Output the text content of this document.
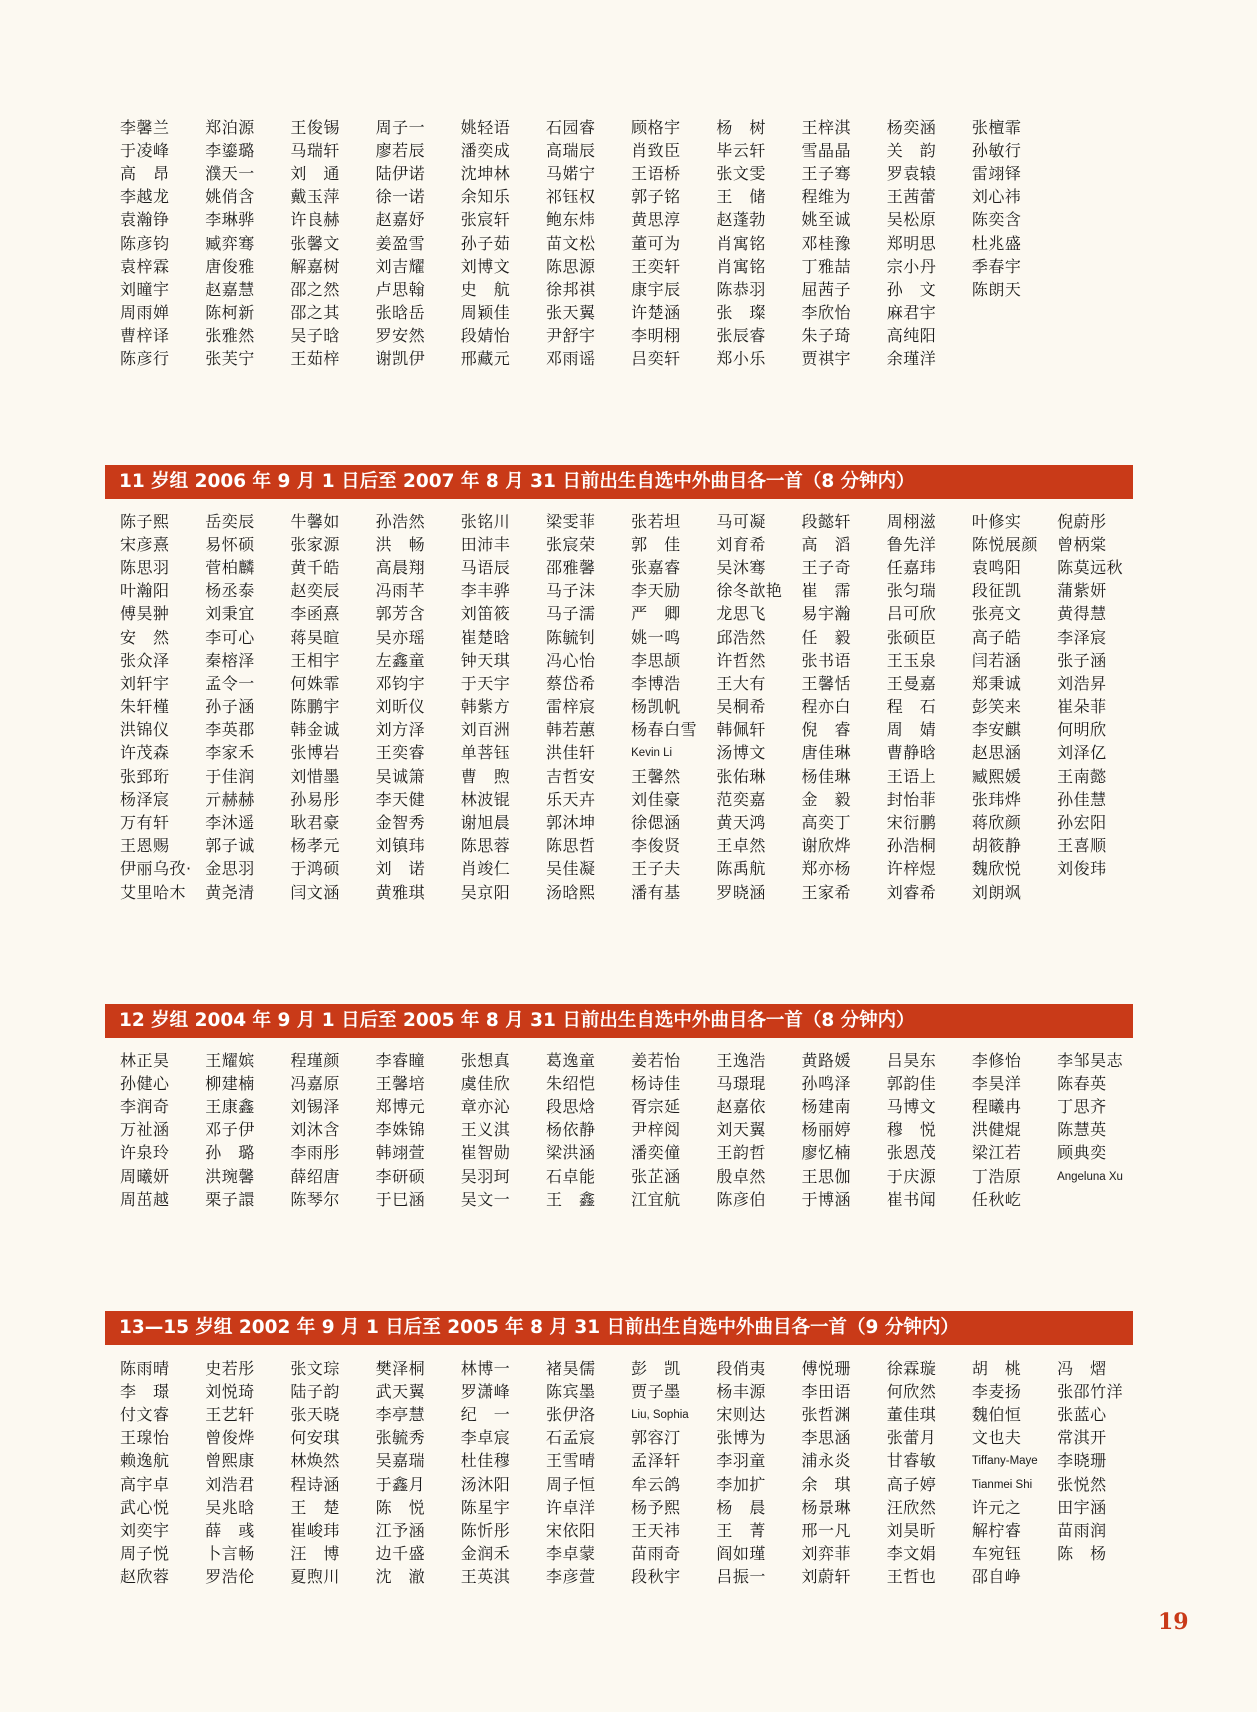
李馨兰	郑泊源	王俊锡	周子一	姚轻语	石园睿	顾格宇	杨　树	王梓淇	杨奕涵	张檀霏
于凌峰	李鎏璐	马瑞轩	廖若辰	潘奕成	高瑞辰	肖致臣	毕云轩	雪晶晶	关　韵	孙敏行
高　昂	濮天一	刘　通	陆伊诺	沈坤林	马婼宁	王语桥	张文雯	王子骞	罗袁辕	雷翊铎
李越龙	姚俏含	戴玉萍	徐一诺	余知乐	祁钰权	郭子铭	王　储	程维为	王茜蕾	刘心祎
袁瀚铮	李琳骅	许良赫	赵嘉妤	张宸轩	鲍东炜	黄思淳	赵蓬勃	姚至诚	吴松原	陈奕含
陈彦钧	臧弈骞	张馨文	姜盈雪	孙子茹	苗文松	董可为	肖寓铭	邓桂豫	郑明思	杜兆盛
袁梓霖	唐俊雅	解嘉树	刘吉耀	刘博文	陈思源	王奕轩	肖寓铭	丁雅喆	宗小丹	季春宇
刘曈宇	赵嘉慧	邵之然	卢思翰	史　航	徐邦祺	康宇辰	陈恭羽	屈茜子	孙　文	陈朗天
周雨婵	陈柯新	邵之其	张晗岳	周颖佳	张天翼	许楚涵	张　璨	李欣怡	麻君宇
曹梓译	张雅然	吴子晗	罗安然	段婧怡	尹舒宇	李明栩	张辰睿	朱子琦	高纯阳
陈彦行	张芙宁	王茹梓	谢凯伊	邢藏元	邓雨谣	吕奕轩	郑小乐	贾祺宇	余瑾洋
11 岁组 2006 年 9 月 1 日后至 2007 年 8 月 31 日前出生自选中外曲目各一首（8 分钟内）
陈子熙	岳奕辰	牛馨如	孙浩然	张铭川	梁雯菲	张若坦	马可凝	段懿轩	周栩滋	叶修实	倪蔚彤
宋彦熹	易怀硕	张家源	洪　畅	田沛丰	张宸荣	郭　佳	刘育希	高　滔	鲁先洋	陈悦展颜	曾柄棠
陈思羽	菅柏麟	黄千皓	高晨翔	马语辰	邵雅馨	张嘉睿	吴沐骞	王子奇	任嘉玮	袁鸣阳	陈莫远秋
叶瀚阳	杨丞泰	赵奕辰	冯雨芊	李丰骅	马子沫	李天励	徐冬歆艳	崔　霈	张匀瑞	段征凯	蒲紫妍
傅昊翀	刘秉宜	李函熹	郭芳含	刘笛筱	马子濡	严　卿	龙思飞	易宇瀚	吕可欣	张亮文	黄得慧
安　然	李可心	蒋昊暄	吴亦瑶	崔楚晗	陈毓钊	姚一鸣	邱浩然	任　毅	张硕臣	高子皓	李泽宸
张众泽	秦榕泽	王相宇	左鑫童	钟天琪	冯心怡	李思颉	许哲然	张书语	王玉泉	闫若涵	张子涵
刘轩宇	孟令一	何姝霏	邓钧宇	于天宇	蔡岱希	李博浩	王大有	王馨恬	王曼嘉	郑秉诚	刘浩昇
朱轩槿	孙子涵	陈鹏宇	刘昕仪	韩紫方	雷梓宸	杨凯帆	吴桐希	程亦白	程　石	彭笑来	崔朵菲
洪锦仪	李英郡	韩金诚	刘方泽	刘百洲	韩若蕙	杨春白雪	韩佩轩	倪　睿	周　婧	李安麒	何明欣
许茂森	李家禾	张博岩	王奕睿	单菩钰	洪佳轩	Kevin Li	汤博文	唐佳琳	曹静晗	赵思涵	刘泽亿
张郅珩	于佳润	刘惜墨	吴诚箫	曹　煦	吉哲安	王馨然	张佑琳	杨佳琳	王语上	臧熙媛	王南懿
杨泽宸	亓赫赫	孙易彤	李天健	林波锟	乐天卉	刘佳豪	范奕嘉	金　毅	封怡菲	张玮烨	孙佳慧
万有轩	李沐遥	耿君豪	金智秀	谢旭晨	郭沐坤	徐偲涵	黄天鸿	高奕丁	宋衍鹏	蒋欣颜	孙宏阳
王恩赐	郭子诚	杨孝元	刘镇玮	陈思蓉	陈思哲	李俊贤	王卓然	谢欣烨	孙浩桐	胡筱静	王喜顺
伊丽乌孜· 金思羽	于鸿硕	刘　诺	肖竣仁	吴佳凝	王子夫	陈禹航	郑亦杨	许梓煜	魏欣悦	刘俊玮
艾里哈木	黄尧清	闫文涵	黄雅琪	吴京阳	汤晗熙	潘有基	罗晓涵	王家希	刘睿希	刘朗飒
12 岁组 2004 年 9 月 1 日后至 2005 年 8 月 31 日前出生自选中外曲目各一首（8 分钟内）
林正昊	王耀嫔	程瑾颜	李睿瞳	张想真	葛逸童	姜若怡	王逸浩	黄路媛	吕昊东	李修怡	李邹昊志
孙健心	柳建楠	冯嘉原	王馨培	虞佳欣	朱绍恺	杨诗佳	马璟琨	孙鸣泽	郭韵佳	李昊洋	陈春英
李润奇	王康鑫	刘锡泽	郑博元	章亦沁	段思焓	胥宗延	赵嘉依	杨建南	马博文	程曦冉	丁思齐
万祉涵	邓子伊	刘沐含	李姝锦	王义淇	杨依静	尹梓阅	刘天翼	杨丽婷	穆　悦	洪健焜	陈慧英
许泉玲	孙　璐	李雨彤	韩翊萱	崔智勋	梁洪涵	潘奕僮	王韵哲	廖忆楠	张恩茂	梁江若	顾典奕
周曦妍	洪琬馨	薛绍唐	李研硕	吴羽珂	石卓能	张芷涵	殷卓然	王思伽	于庆源	丁浩原	Angeluna Xu
周茁越	栗子譞	陈琴尔	于巳涵	吴文一	王　鑫	江宜航	陈彦伯	于博涵	崔书闻	任秋屹
13—15 岁组 2002 年 9 月 1 日后至 2005 年 8 月 31 日前出生自选中外曲目各一首（9 分钟内）
陈雨晴	史若彤	张文琮	樊泽桐	林博一	褚昊儒	彭　凯	段俏夷	傅悦珊	徐霖璇	胡　桃	冯　熠
李　璟	刘悦琦	陆子韵	武天翼	罗潇峰	陈宾墨	贾子墨	杨丰源	李田语	何欣然	李麦扬	张邵竹洋
付文睿	王艺轩	张天晓	李亭慧	纪　一	张伊洛	Liu, Sophia	宋则达	张哲渊	董佳琪	魏伯恒	张蓝心
王瑔怡	曾俊烨	何安琪	张毓秀	李卓宸	石孟宸	郭容汀	张博为	李思涵	张蕾月	文也夫	常淇开
赖逸航	曾熙康	林焕然	吴嘉瑞	杜佳穆	王雪晴	孟泽轩	李羽童	浦永炎	甘睿敏	Tiffany-Maye	李晓珊
高宇卓	刘浩君	程诗涵	于鑫月	汤沐阳	周子恒	牟云鸽	李加扩	余　琪	高子婷	Tianmei Shi	张悦然
武心悦	吴兆晗	王　楚	陈　悦	陈星宇	许卓洋	杨予熙	杨　晨	杨景琳	汪欣然	许元之	田宇涵
刘奕宇	薛　彧	崔峻玮	江予涵	陈忻彤	宋依阳	王天祎	王　菁	邢一凡	刘昊昕	解柠睿	苗雨润
周子悦	卜言畅	汪　博	边千盛	金润禾	李卓蒙	苗雨奇	阎如瑾	刘弈菲	李文娟	车宛钰	陈　杨
赵欣蓉	罗浩伦	夏煦川	沈　澈	王英淇	李彦萱	段秋宇	吕振一	刘蔚轩	王哲也	邵自峥
19
